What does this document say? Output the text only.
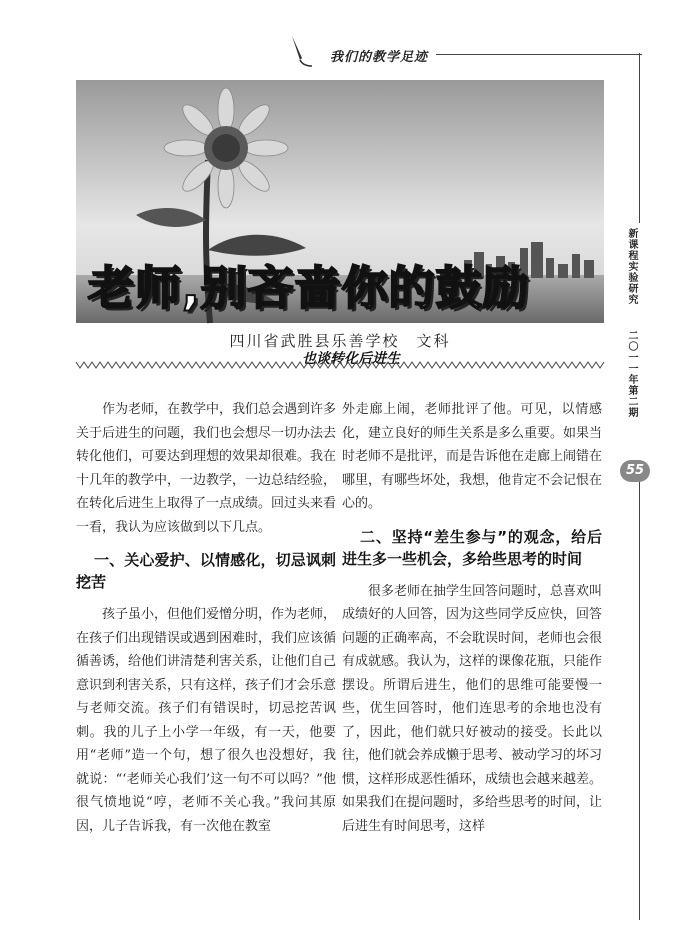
我们的教学足迹
新课程实验研究
二〇一一年第二期
55
老师,别吝啬你的鼓励
也谈转化后进生
四川省武胜县乐善学校　文科

作为老师，在教学中，我们总会遇到许多关于后进生的问题，我们也会想尽一切办法去转化他们，可要达到理想的效果却很难。我在十几年的教学中，一边教学，一边总结经验，在转化后进生上取得了一点成绩。回过头来看一看，我认为应该做到以下几点。

一、关心爱护、以情感化，切忌讽刺挖苦

孩子虽小，但他们爱憎分明，作为老师，在孩子们出现错误或遇到困难时，我们应该循循善诱，给他们讲清楚利害关系，让他们自己意识到利害关系，只有这样，孩子们才会乐意与老师交流。孩子们有错误时，切忌挖苦讽刺。我的儿子上小学一年级，有一天，他要用“老师”造一个句，想了很久也没想好，我就说：“‘老师关心我们’这一句不可以吗？”他很气愤地说“哼，老师不关心我。”我问其原因，儿子告诉我，有一次他在教室

外走廊上闹，老师批评了他。可见，以情感化，建立良好的师生关系是多么重要。如果当时老师不是批评，而是告诉他在走廊上闹错在哪里，有哪些坏处，我想，他肯定不会记恨在心的。

二、坚持“差生参与”的观念，给后进生多一些机会，多给些思考的时间

很多老师在抽学生回答问题时，总喜欢叫成绩好的人回答，因为这些同学反应快，回答问题的正确率高，不会耽误时间，老师也会很有成就感。我认为，这样的课像花瓶，只能作摆设。所谓后进生，他们的思维可能要慢一些，优生回答时，他们连思考的余地也没有了，因此，他们就只好被动的接受。长此以往，他们就会养成懒于思考、被动学习的坏习惯，这样形成恶性循环，成绩也会越来越差。如果我们在提问题时，多给些思考的时间，让后进生有时间思考，这样
